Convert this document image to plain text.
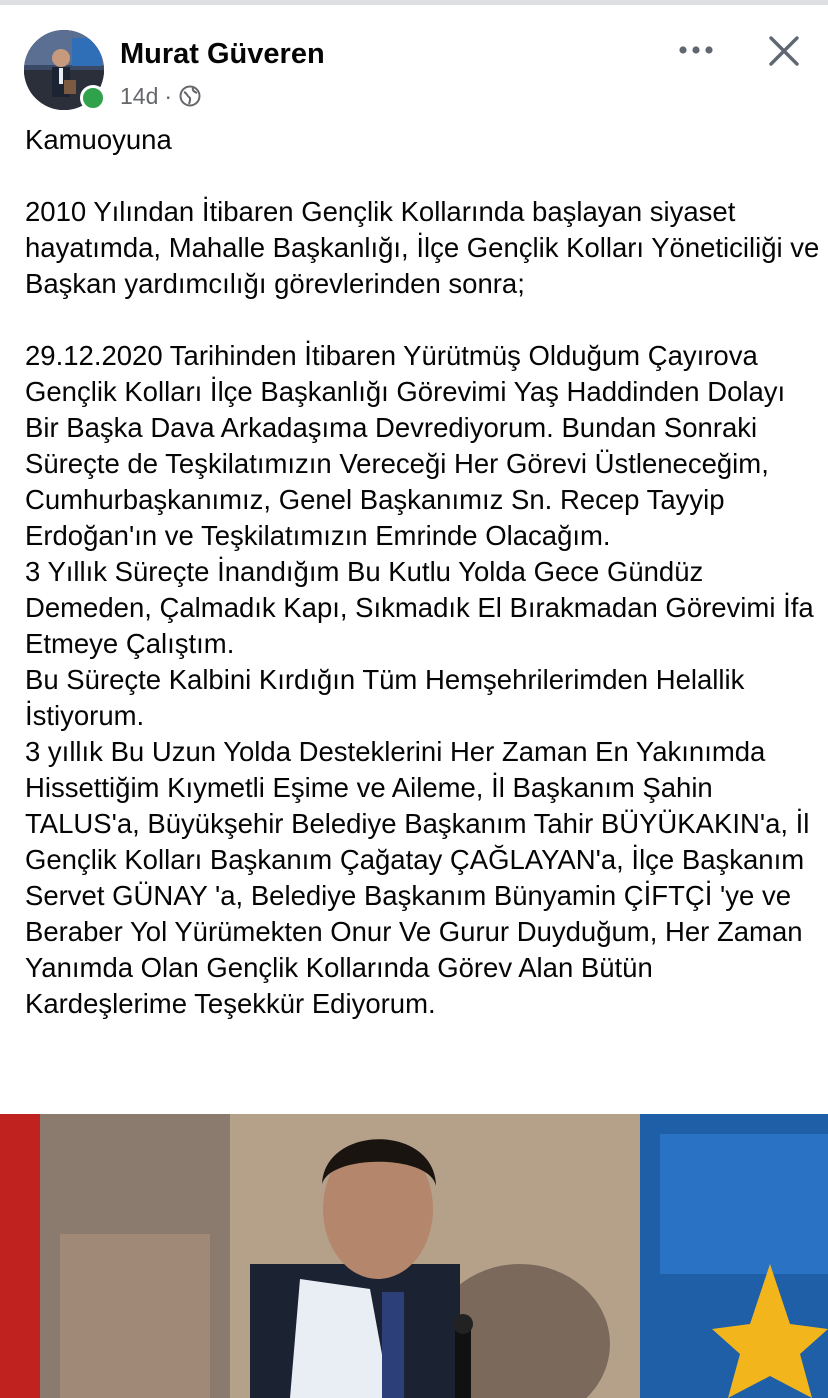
Murat Güveren
14d ·

Kamuoyuna

2010 Yılından İtibaren Gençlik Kollarında başlayan siyaset hayatımda, Mahalle Başkanlığı, İlçe Gençlik Kolları Yöneticiliği ve Başkan yardımcılığı görevlerinden sonra;

29.12.2020 Tarihinden İtibaren Yürütmüş Olduğum Çayırova Gençlik Kolları İlçe Başkanlığı Görevimi Yaş Haddinden Dolayı Bir Başka Dava Arkadaşıma Devrediyorum. Bundan Sonraki Süreçte de Teşkilatımızın Vereceği Her Görevi Üstleneceğim, Cumhurbaşkanımız, Genel Başkanımız Sn. Recep Tayyip Erdoğan'ın ve Teşkilatımızın Emrinde Olacağım.
3 Yıllık Süreçte İnandığım Bu Kutlu Yolda Gece Gündüz Demeden, Çalmadık Kapı, Sıkmadık El Bırakmadan Görevimi İfa Etmeye Çalıştım.
Bu Süreçte Kalbini Kırdığın Tüm Hemşehrilerimden Helallik İstiyorum.
3 yıllık Bu Uzun Yolda Desteklerini Her Zaman En Yakınımda Hissettiğim Kıymetli Eşime ve Aileme, İl Başkanım Şahin TALUS'a, Büyükşehir Belediye Başkanım Tahir BÜYÜKAKIN'a, İl Gençlik Kolları Başkanım Çağatay ÇAĞLAYAN'a, İlçe Başkanım Servet GÜNAY 'a, Belediye Başkanım Bünyamin ÇİFTÇİ 'ye ve Beraber Yol Yürümekten Onur Ve Gurur Duyduğum, Her Zaman Yanımda Olan Gençlik Kollarında Görev Alan Bütün Kardeşlerime Teşekkür Ediyorum.
